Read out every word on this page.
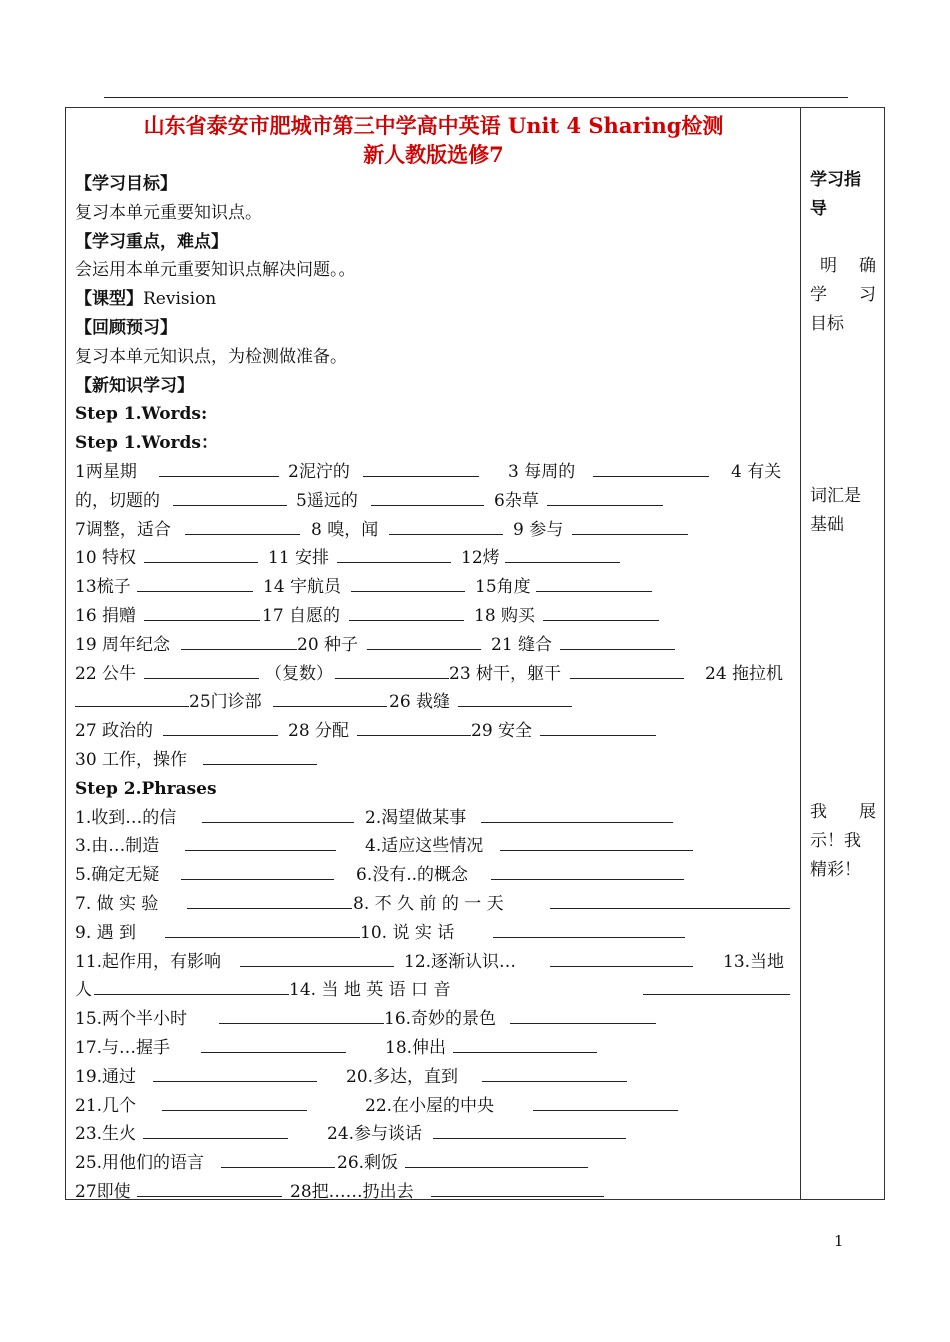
山东省泰安市肥城市第三中学高中英语 Unit 4 Sharing检测

新人教版选修7

【学习目标】
复习本单元重要知识点。
【学习重点，难点】
会运用本单元重要知识点解决问题。。
【课型】Revision
【回顾预习】
复习本单元知识点，为检测做准备。
【新知识学习】
Step 1.Words:
Step 1.Words：
1两星期	2泥泞的	3 每周的	4 有关
的，切题的	5遥远的	6杂草
7调整，适合	8 嗅，闻	9 参与
10 特权	11 安排	12烤
13梳子	14 宇航员	15角度
16 捐赠	17 自愿的	18 购买
19 周年纪念	20 种子	21 缝合
22 公牛	（复数）	23 树干，躯干	24 拖拉机
25门诊部	26 裁缝
27 政治的	28 分配	29 安全
30 工作，操作
Step 2.Phrases
1.收到…的信	2.渴望做某事
3.由…制造	4.适应这些情况
5.确定无疑	6.没有..的概念
7. 做 实 验	8. 不 久 前 的 一 天
9. 遇 到	10. 说 实 话
11.起作用，有影响	12.逐渐认识…	13.当地
人	14. 当 地 英 语 口 音
15.两个半小时	16.奇妙的景色
17.与…握手	18.伸出
19.通过	20.多达，直到
21.几个	22.在小屋的中央
23.生火	24.参与谈话
25.用他们的语言	26.剩饭
27即使	28把……扔出去
学习指
导
明 确
学 习
目标
词汇是
基础
我 展
示！我
精彩！
1
